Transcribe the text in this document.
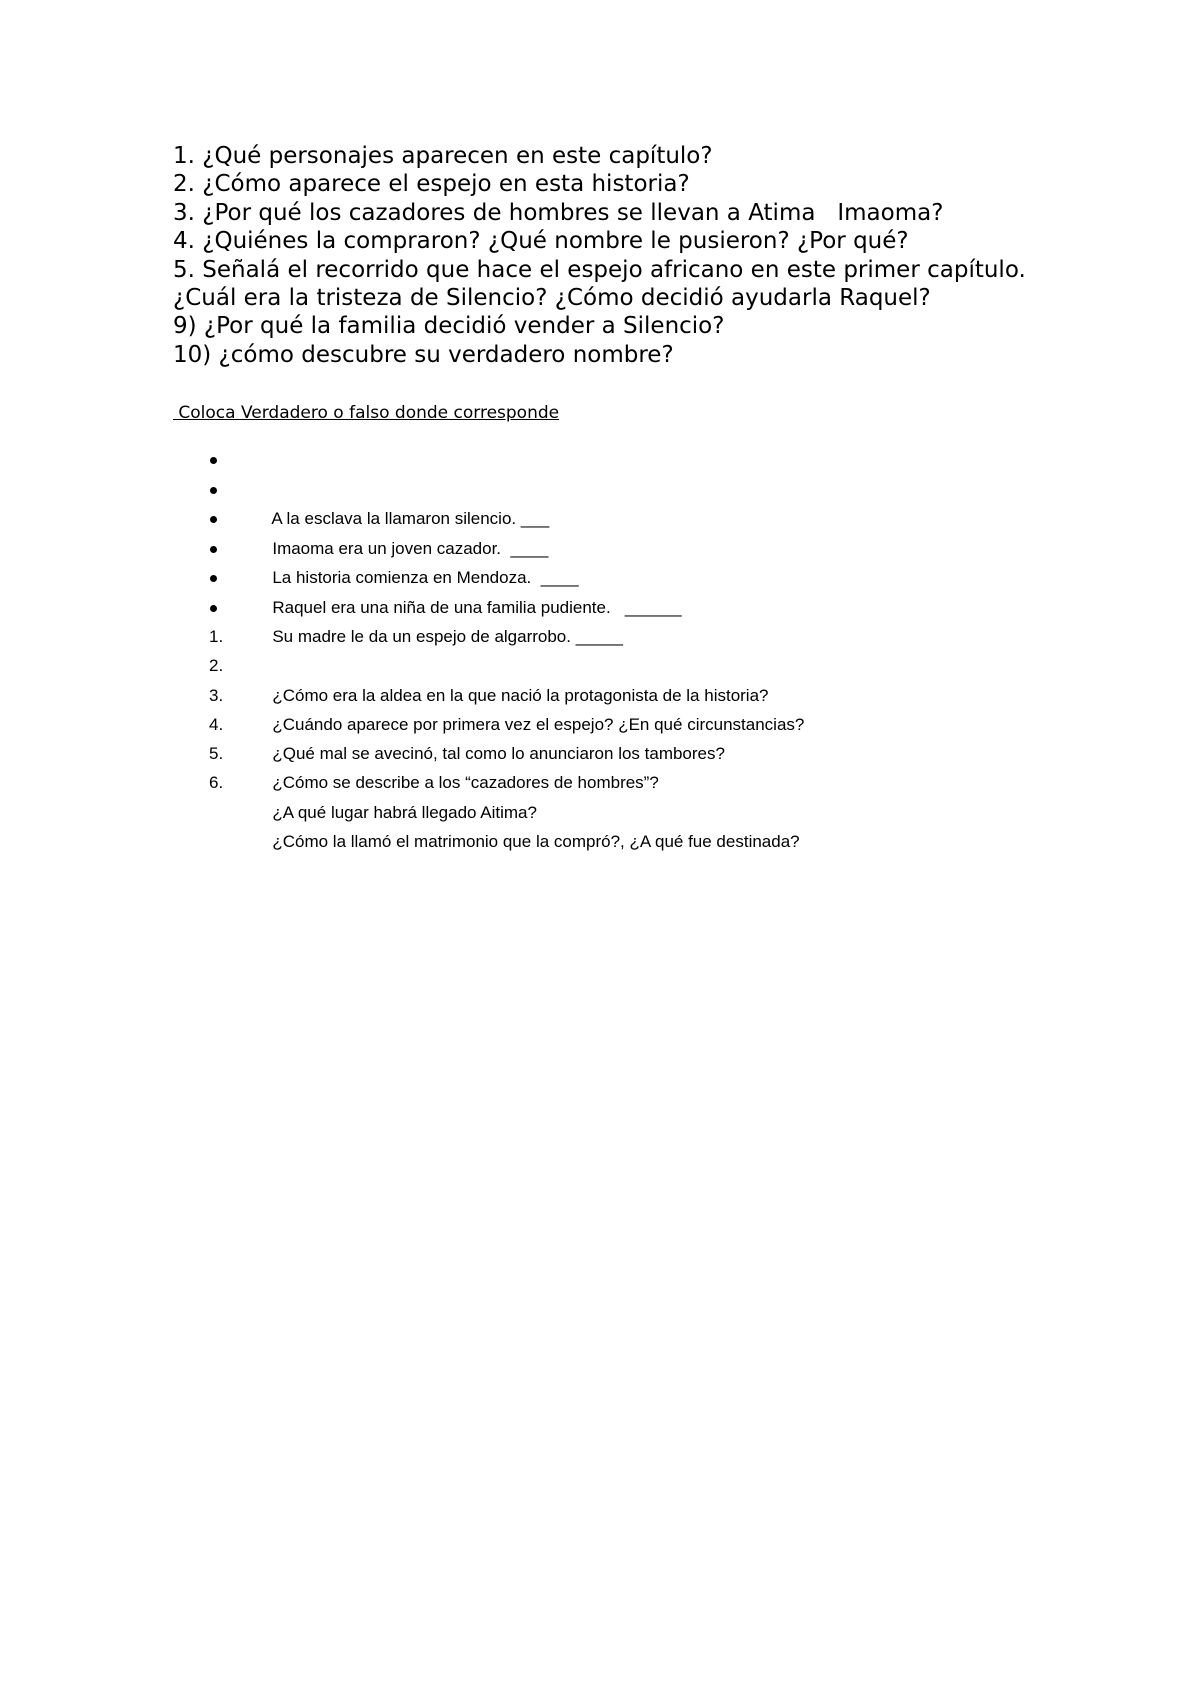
1. ¿Qué personajes aparecen en este capítulo?
2. ¿Cómo aparece el espejo en esta historia?
3. ¿Por qué los cazadores de hombres se llevan a Atima   Imaoma?
4. ¿Quiénes la compraron? ¿Qué nombre le pusieron? ¿Por qué?
5. Señalá el recorrido que hace el espejo africano en este primer capítulo.
¿Cuál era la tristeza de Silencio? ¿Cómo decidió ayudarla Raquel?
9) ¿Por qué la familia decidió vender a Silencio?
10) ¿cómo descubre su verdadero nombre?

Coloca Verdadero o falso donde corresponde

A la esclava la llamaron silencio. ___

Imaoma era un joven cazador.  ____

La historia comienza en Mendoza.  ____

Raquel era una niña de una familia pudiente.   ______

Su madre le da un espejo de algarrobo. _____

1.

¿Cómo era la aldea en la que nació la protagonista de la historia?

2.

¿Cuándo aparece por primera vez el espejo? ¿En qué circunstancias?

3.

¿Qué mal se avecinó, tal como lo anunciaron los tambores?

4.

¿Cómo se describe a los “cazadores de hombres”?

5.

¿A qué lugar habrá llegado Aitima?

6.

¿Cómo la llamó el matrimonio que la compró?, ¿A qué fue destinada?
